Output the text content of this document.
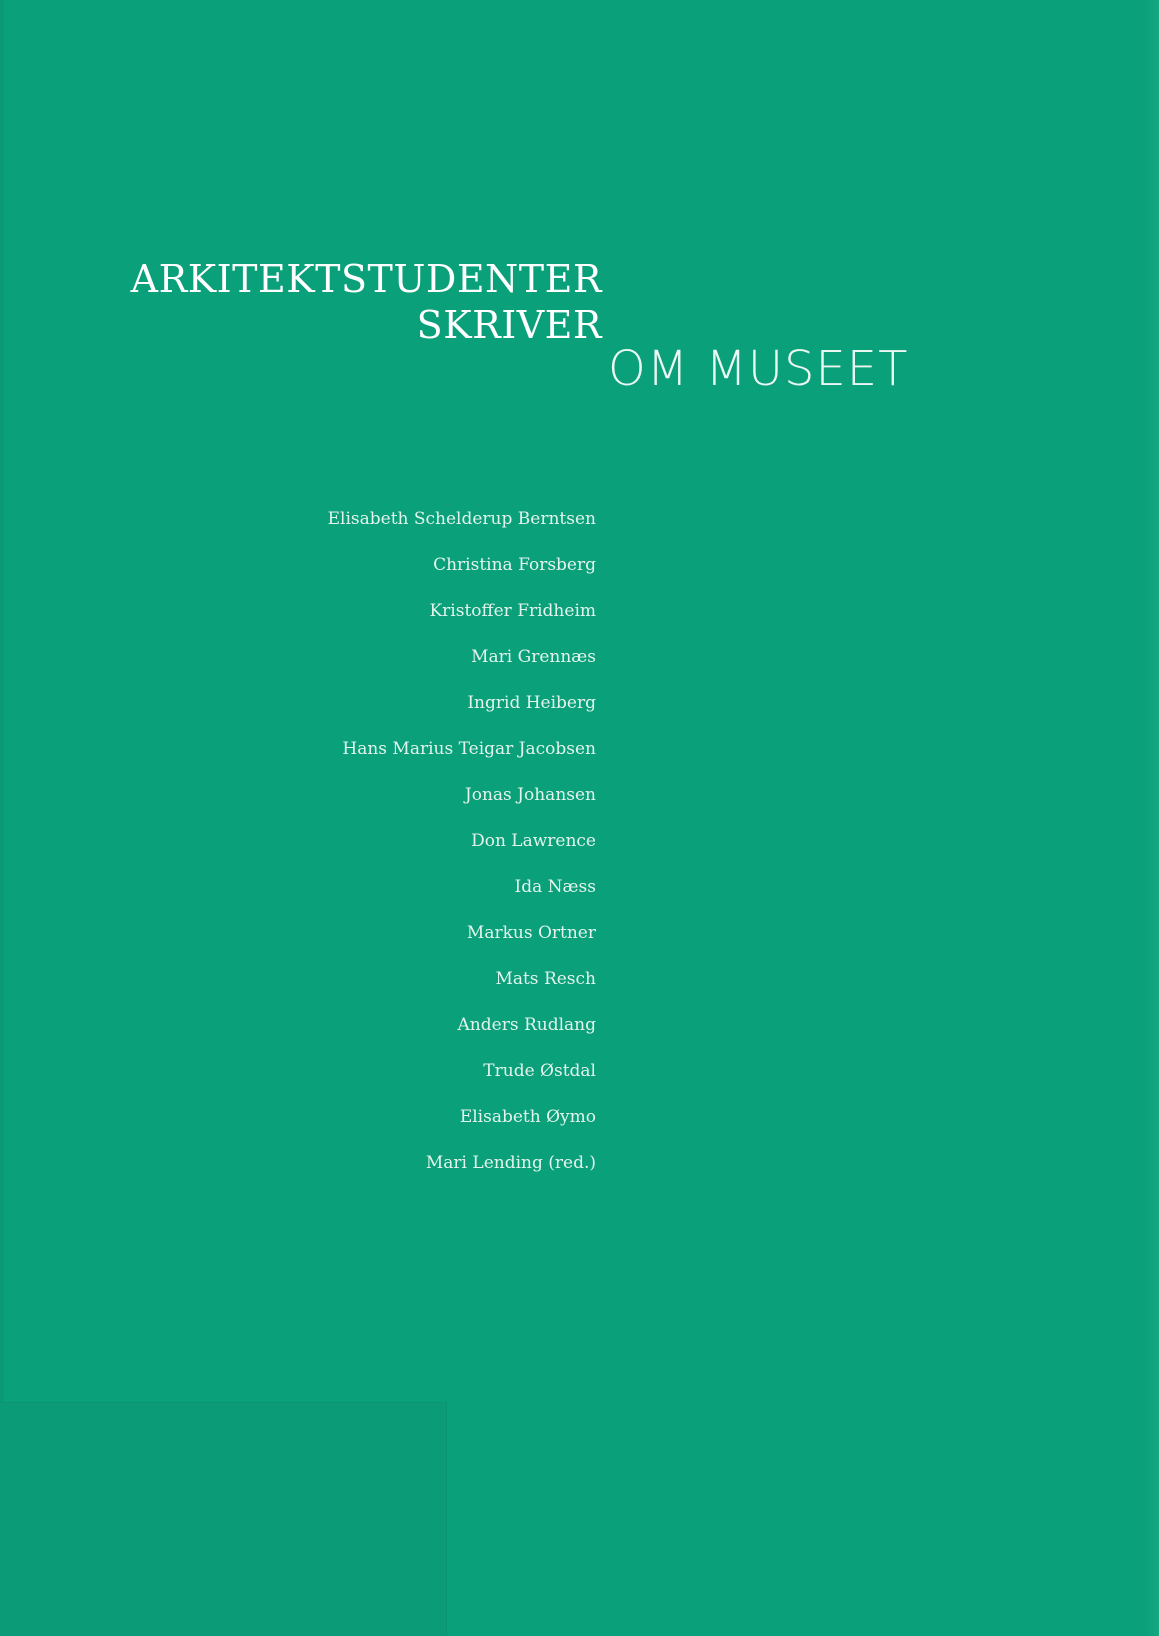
ARKITEKTSTUDENTER
SKRIVER
OM MUSEET
Elisabeth Schelderup Berntsen
Christina Forsberg
Kristoffer Fridheim
Mari Grennæs
Ingrid Heiberg
Hans Marius Teigar Jacobsen
Jonas Johansen
Don Lawrence
Ida Næss
Markus Ortner
Mats Resch
Anders Rudlang
Trude Østdal
Elisabeth Øymo
Mari Lending (red.)
